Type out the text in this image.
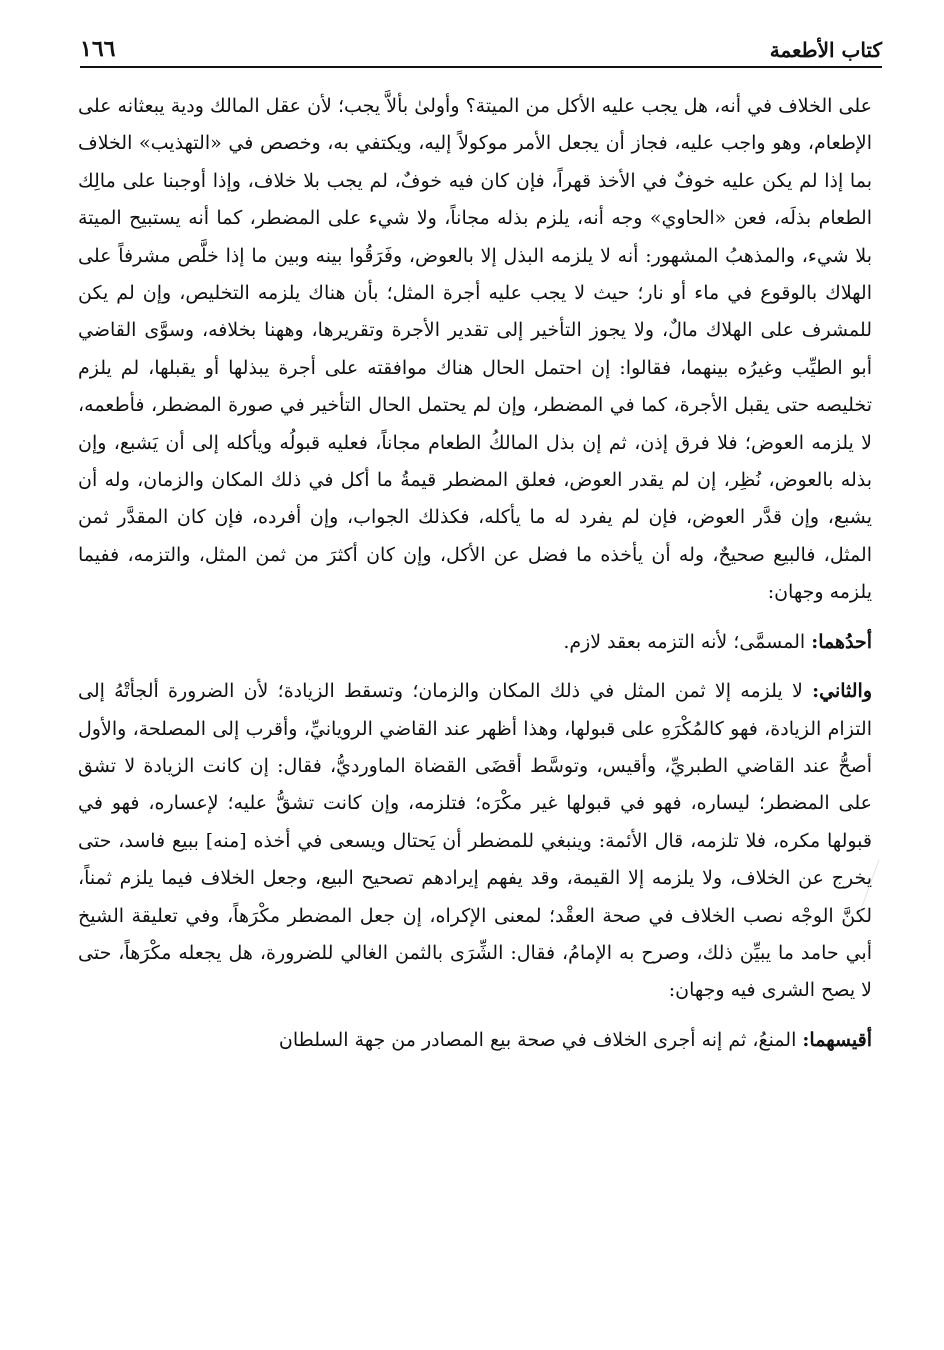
كتاب الأطعمة
١٦٦

على الخلاف في أنه، هل يجب عليه الأكل من الميتة؟ وأولىٰ بألاَّ يجب؛ لأن عقل المالك ودية يبعثانه على الإطعام، وهو واجب عليه، فجاز أن يجعل الأمر موكولاً إليه، ويكتفي به، وخصص في «التهذيب» الخلاف بما إذا لم يكن عليه خوفٌ في الأخذ قهراً، فإن كان فيه خوفٌ، لم يجب بلا خلاف، وإذا أوجبنا على مالِك الطعام بذلَه، فعن «الحاوي» وجه أنه، يلزم بذله مجاناً، ولا شيء على المضطر، كما أنه يستبيح الميتة بلا شيء، والمذهبُ المشهور: أنه لا يلزمه البذل إلا بالعوض، وفَرَقُوا بينه وبين ما إذا خلَّص مشرفاً على الهلاك بالوقوع في ماء أو نار؛ حيث لا يجب عليه أجرة المثل؛ بأن هناك يلزمه التخليص، وإن لم يكن للمشرف على الهلاك مالٌ، ولا يجوز التأخير إلى تقدير الأجرة وتقريرها، وههنا بخلافه، وسوَّى القاضي أبو الطيِّب وغيرُه بينهما، فقالوا: إن احتمل الحال هناك موافقته على أجرة يبذلها أو يقبلها، لم يلزم تخليصه حتى يقبل الأجرة، كما في المضطر، وإن لم يحتمل الحال التأخير في صورة المضطر، فأطعمه، لا يلزمه العوض؛ فلا فرق إذن، ثم إن بذل المالكُ الطعام مجاناً، فعليه قبولُه ويأكله إلى أن يَشبع، وإن بذله بالعوض، نُظِر، إن لم يقدر العوض، فعلق المضطر قيمةُ ما أكل في ذلك المكان والزمان، وله أن يشبع، وإن قدَّر العوض، فإن لم يفرد له ما يأكله، فكذلك الجواب، وإن أفرده، فإن كان المقدَّر ثمن المثل، فالبيع صحيحٌ، وله أن يأخذه ما فضل عن الأكل، وإن كان أكثرَ من ثمن المثل، والتزمه، ففيما يلزمه وجهان:

أحدُهما: المسمَّى؛ لأنه التزمه بعقد لازم.

والثاني: لا يلزمه إلا ثمن المثل في ذلك المكان والزمان؛ وتسقط الزيادة؛ لأن الضرورة ألجأتْهُ إلى التزام الزيادة، فهو كالمُكْرَهِ على قبولها، وهذا أظهر عند القاضي الرويانيِّ، وأقرب إلى المصلحة، والأول أصحُّ عند القاضي الطبريِّ، وأقيس، وتوسَّط أقضَى القضاة الماورديُّ، فقال: إن كانت الزيادة لا تشق على المضطر؛ ليساره، فهو في قبولها غير مكْرَه؛ فتلزمه، وإن كانت تشقُّ عليه؛ لإعساره، فهو في قبولها مكره، فلا تلزمه، قال الأئمة: وينبغي للمضطر أن يَحتال ويسعى في أخذه [منه] ببيع فاسد، حتى يخرج عن الخلاف، ولا يلزمه إلا القيمة، وقد يفهم إيرادهم تصحيح البيع، وجعل الخلاف فيما يلزم ثمناً، لكنَّ الوجْه نصب الخلاف في صحة العقْد؛ لمعنى الإكراه، إن جعل المضطر مكْرَهاً، وفي تعليقة الشيخ أبي حامد ما يبيِّن ذلك، وصرح به الإمامُ، فقال: الشِّرَى بالثمن الغالي للضرورة، هل يجعله مكْرَهاً، حتى لا يصح الشرى فيه وجهان:

أقيسهما: المنعُ، ثم إنه أجرى الخلاف في صحة بيع المصادر من جهة السلطان
